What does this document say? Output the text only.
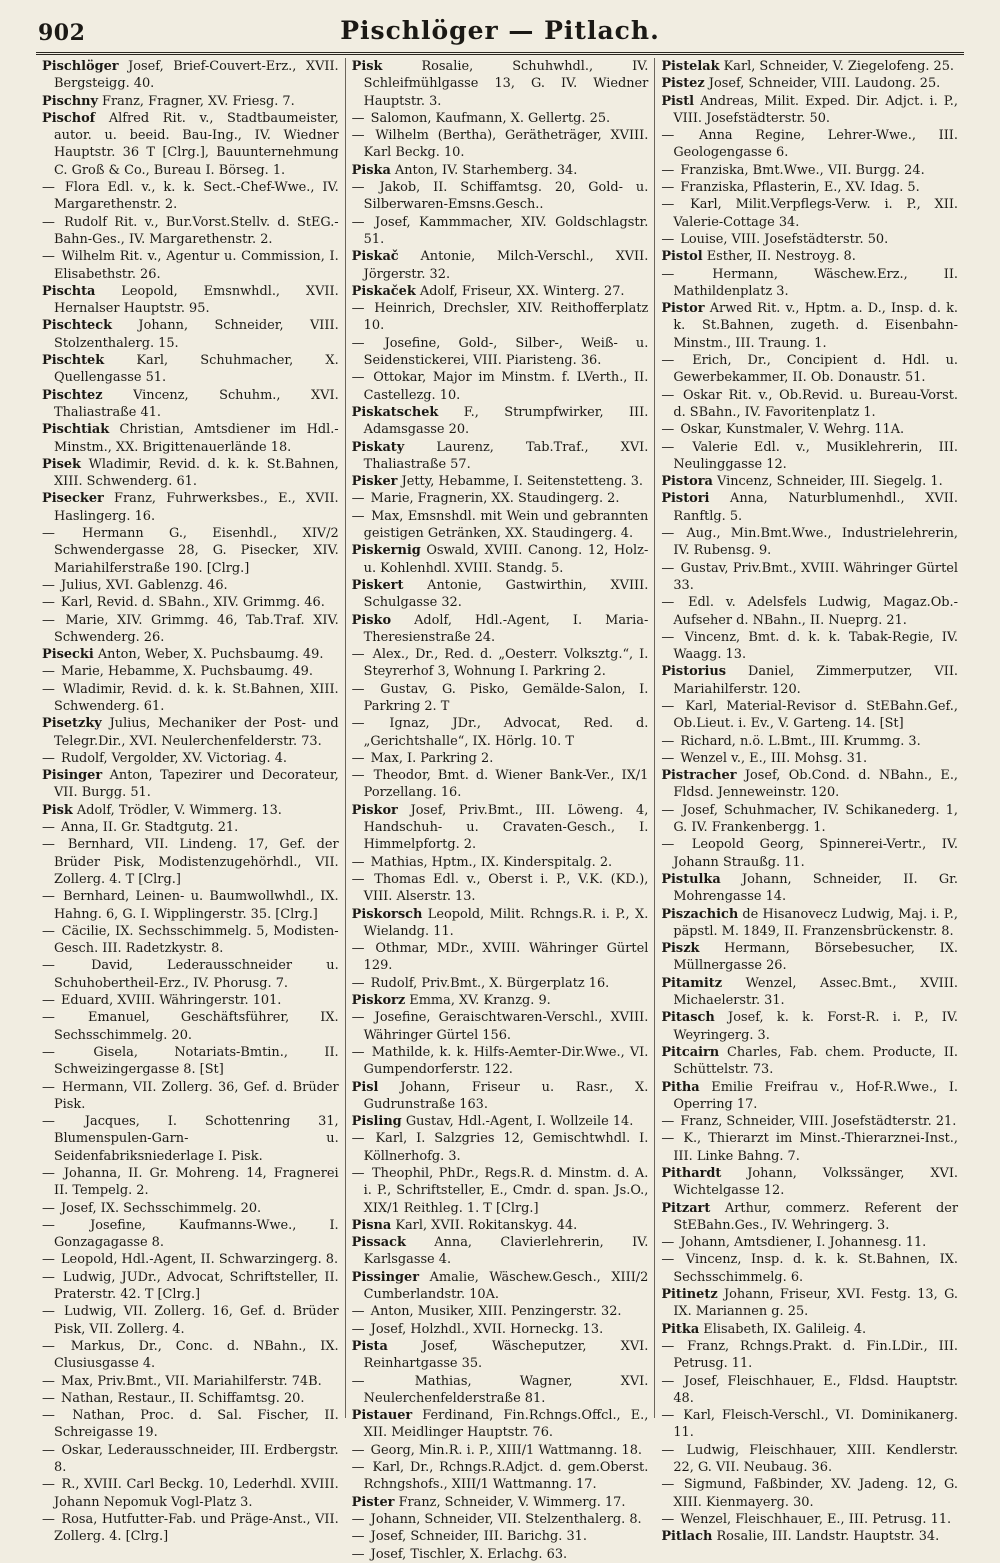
902	Pischlöger — Pitlach.

Pischlöger Josef, Brief-Couvert-Erz., XVII. Bergsteigg. 40.

Pischny Franz, Fragner, XV. Friesg. 7.

Pischof Alfred Rit. v., Stadtbaumeister, autor. u. beeid. Bau-Ing., IV. Wiedner Hauptstr. 36 T [Clrg.], Bauunternehmung C. Groß & Co., Bureau I. Börseg. 1.

— Flora Edl. v., k. k. Sect.-Chef-Wwe., IV. Margarethenstr. 2.

— Rudolf Rit. v., Bur.Vorst.Stellv. d. StEG.-Bahn-Ges., IV. Margarethenstr. 2.

— Wilhelm Rit. v., Agentur u. Commission, I. Elisabethstr. 26.

Pischta Leopold, Emsnwhdl., XVII. Hernalser Hauptstr. 95.

Pischteck Johann, Schneider, VIII. Stolzenthalerg. 15.

Pischtek Karl, Schuhmacher, X. Quellengasse 51.

Pischtez Vincenz, Schuhm., XVI. Thaliastraße 41.

Pischtiak Christian, Amtsdiener im Hdl.-Minstm., XX. Brigittenauerlände 18.

Pisek Wladimir, Revid. d. k. k. St.Bahnen, XIII. Schwenderg. 61.

Pisecker Franz, Fuhrwerksbes., E., XVII. Haslingerg. 16.

— Hermann G., Eisenhdl., XIV/2 Schwendergasse 28, G. Pisecker, XIV. Mariahilferstraße 190. [Clrg.]

— Julius, XVI. Gablenzg. 46.

— Karl, Revid. d. SBahn., XIV. Grimmg. 46.

— Marie, XIV. Grimmg. 46, Tab.Traf. XIV. Schwenderg. 26.

Pisecki Anton, Weber, X. Puchsbaumg. 49.

— Marie, Hebamme, X. Puchsbaumg. 49.

— Wladimir, Revid. d. k. k. St.Bahnen, XIII. Schwenderg. 61.

Pisetzky Julius, Mechaniker der Post- und Telegr.Dir., XVI. Neulerchenfelderstr. 73.

— Rudolf, Vergolder, XV. Victoriag. 4.

Pisinger Anton, Tapezirer und Decorateur, VII. Burgg. 51.

Pisk Adolf, Trödler, V. Wimmerg. 13.

— Anna, II. Gr. Stadtgutg. 21.

— Bernhard, VII. Lindeng. 17, Gef. der Brüder Pisk, Modistenzugehörhdl., VII. Zollerg. 4. T [Clrg.]

— Bernhard, Leinen- u. Baumwollwhdl., IX. Hahng. 6, G. I. Wipplingerstr. 35. [Clrg.]

— Cäcilie, IX. Sechsschimmelg. 5, Modisten-Gesch. III. Radetzkystr. 8.

—	David, Lederausschneider u. Schuhobertheil-Erz., IV. Phorusg. 7.

— Eduard, XVIII. Währingerstr. 101.

—	Emanuel, Geschäftsführer, IX. Sechsschimmelg. 20.

—	Gisela, Notariats-Bmtin., II. Schweizingergasse 8. [St]

— Hermann, VII. Zollerg. 36, Gef. d. Brüder Pisk.

— Jacques, I. Schottenring 31, Blumenspulen-Garn- u. Seidenfabriksniederlage I. Pisk.

— Johanna, II. Gr. Mohreng. 14, Fragnerei II. Tempelg. 2.

— Josef, IX. Sechsschimmelg. 20.

—	Josefine, Kaufmanns-Wwe., I. Gonzagagasse 8.

— Leopold, Hdl.-Agent, II. Schwarzingerg. 8.

— Ludwig, JUDr., Advocat, Schriftsteller, II. Praterstr. 42. T [Clrg.]

— Ludwig, VII. Zollerg. 16, Gef. d. Brüder Pisk, VII. Zollerg. 4.

— Markus, Dr., Conc. d. NBahn., IX. Clusiusgasse 4.

— Max, Priv.Bmt., VII. Mariahilferstr. 74B.

— Nathan, Restaur., II. Schiffamtsg. 20.

— Nathan, Proc. d. Sal. Fischer, II. Schreigasse 19.

— Oskar, Lederausschneider, III. Erdbergstr. 8.

— R., XVIII. Carl Beckg. 10, Lederhdl. XVIII. Johann Nepomuk Vogl-Platz 3.

— Rosa, Hutfutter-Fab. und Präge-Anst., VII. Zollerg. 4. [Clrg.]

Pisk	Rosalie, Schuhwhdl., IV. Schleifmühlgasse 13, G. IV. Wiedner Hauptstr. 3.

— Salomon, Kaufmann, X. Gellertg. 25.

— Wilhelm (Bertha), Gerätheträger, XVIII. Karl Beckg. 10.

Piska Anton, IV. Starhemberg. 34.

— Jakob, II. Schiffamtsg. 20, Gold- u. Silberwaren-Emsns.Gesch..

— Josef, Kammmacher, XIV. Goldschlagstr. 51.

Piskač Antonie, Milch-Verschl., XVII. Jörgerstr. 32.

Piskaček Adolf, Friseur, XX. Winterg. 27.

— Heinrich, Drechsler, XIV. Reithofferplatz 10.

— Josefine, Gold-, Silber-, Weiß- u. Seidenstickerei, VIII. Piaristeng. 36.

— Ottokar, Major im Minstm. f. LVerth., II. Castellezg. 10.

Piskatschek F., Strumpfwirker, III. Adamsgasse 20.

Piskaty Laurenz, Tab.Traf., XVI. Thaliastraße 57.

Pisker Jetty, Hebamme, I. Seitenstetteng. 3.

— Marie, Fragnerin, XX. Staudingerg. 2.

— Max, Emsnshdl. mit Wein und gebrannten geistigen Getränken, XX. Staudingerg. 4.

Piskernig Oswald, XVIII. Canong. 12, Holz- u. Kohlenhdl. XVIII. Standg. 5.

Piskert Antonie, Gastwirthin, XVIII. Schulgasse 32.

Pisko Adolf, Hdl.-Agent, I. Maria-Theresienstraße 24.

— Alex., Dr., Red. d. „Oesterr. Volksztg.“, I. Steyrerhof 3, Wohnung I. Parkring 2.

— Gustav, G. Pisko, Gemälde-Salon, I. Parkring 2. T

— Ignaz, JDr., Advocat, Red. d. „Gerichtshalle“, IX. Hörlg. 10. T

— Max, I. Parkring 2.

— Theodor, Bmt. d. Wiener Bank-Ver., IX/1 Porzellang. 16.

Piskor Josef, Priv.Bmt., III. Löweng. 4, Handschuh- u. Cravaten-Gesch., I. Himmelpfortg. 2.

— Mathias, Hptm., IX. Kinderspitalg. 2.

— Thomas Edl. v., Oberst i. P., V.K. (KD.), VIII. Alserstr. 13.

Piskorsch Leopold, Milit. Rchngs.R. i. P., X. Wielandg. 11.

— Othmar, MDr., XVIII. Währinger Gürtel 129.

— Rudolf, Priv.Bmt., X. Bürgerplatz 16.

Piskorz Emma, XV. Kranzg. 9.

— Josefine, Geraischtwaren-Verschl., XVIII. Währinger Gürtel 156.

— Mathilde, k. k. Hilfs-Aemter-Dir.Wwe., VI. Gumpendorferstr. 122.

Pisl Johann, Friseur u. Rasr., X. Gudrunstraße 163.

Pisling Gustav, Hdl.-Agent, I. Wollzeile 14.

— Karl, I. Salzgries 12, Gemischtwhdl. I. Köllnerhofg. 3.

— Theophil, PhDr., Regs.R. d. Minstm. d. A. i. P., Schriftsteller, E., Cmdr. d. span. Js.O., XIX/1 Reithleg. 1. T [Clrg.]

Pisna Karl, XVII. Rokitanskyg. 44.

Pissack Anna, Clavierlehrerin, IV. Karlsgasse 4.

Pissinger Amalie, Wäschew.Gesch., XIII/2 Cumberlandstr. 10A.

— Anton, Musiker, XIII. Penzingerstr. 32.

— Josef, Holzhdl., XVII. Horneckg. 13.

Pista	Josef, Wäscheputzer, XVI. Reinhartgasse 35.

—	Mathias, Wagner, XVI. Neulerchenfelderstraße 81.

Pistauer Ferdinand, Fin.Rchngs.Offcl., E., XII. Meidlinger Hauptstr. 76.

— Georg, Min.R. i. P., XIII/1 Wattmanng. 18.

— Karl, Dr., Rchngs.R.Adjct. d. gem.Oberst. Rchngshofs., XIII/1 Wattmanng. 17.

Pister Franz, Schneider, V. Wimmerg. 17.

— Johann, Schneider, VII. Stelzenthalerg. 8.

— Josef, Schneider, III. Barichg. 31.

— Josef, Tischler, X. Erlachg. 63.

Pistelak Karl, Schneider, V. Ziegelofeng. 25.

Pistez Josef, Schneider, VIII. Laudong. 25.

Pistl Andreas, Milit. Exped. Dir. Adjct. i. P., VIII. Josefstädterstr. 50.

— Anna Regine, Lehrer-Wwe., III. Geologengasse 6.

— Franziska, Bmt.Wwe., VII. Burgg. 24.

— Franziska, Pflasterin, E., XV. Idag. 5.

— Karl, Milit.Verpflegs-Verw. i. P., XII. Valerie-Cottage 34.

— Louise, VIII. Josefstädterstr. 50.

Pistol Esther, II. Nestroyg. 8.

—	Hermann, Wäschew.Erz., II. Mathildenplatz 3.

Pistor Arwed Rit. v., Hptm. a. D., Insp. d. k. k. St.Bahnen, zugeth. d. Eisenbahn-Minstm., III. Traung. 1.

— Erich, Dr., Concipient d. Hdl. u. Gewerbekammer, II. Ob. Donaustr. 51.

— Oskar Rit. v., Ob.Revid. u. Bureau-Vorst. d. SBahn., IV. Favoritenplatz 1.

— Oskar, Kunstmaler, V. Wehrg. 11A.

— Valerie Edl. v., Musiklehrerin, III. Neulinggasse 12.

Pistora Vincenz, Schneider, III. Siegelg. 1.

Pistori Anna, Naturblumenhdl., XVII. Ranftlg. 5.

— Aug., Min.Bmt.Wwe., Industrielehrerin, IV. Rubensg. 9.

— Gustav, Priv.Bmt., XVIII. Währinger Gürtel 33.

— Edl. v. Adelsfels Ludwig, Magaz.Ob.-Aufseher d. NBahn., II. Nueprg. 21.

— Vincenz, Bmt. d. k. k. Tabak-Regie, IV. Waagg. 13.

Pistorius Daniel, Zimmerputzer, VII. Mariahilferstr. 120.

— Karl, Material-Revisor d. StEBahn.Gef., Ob.Lieut. i. Ev., V. Garteng. 14. [St]

— Richard, n.ö. L.Bmt., III. Krummg. 3.

— Wenzel v., E., III. Mohsg. 31.

Pistracher Josef, Ob.Cond. d. NBahn., E., Fldsd. Jenneweinstr. 120.

— Josef, Schuhmacher, IV. Schikanederg. 1, G. IV. Frankenbergg. 1.

— Leopold Georg, Spinnerei-Vertr., IV. Johann Straußg. 11.

Pistulka Johann, Schneider, II. Gr. Mohrengasse 14.

Piszachich de Hisanovecz Ludwig, Maj. i. P., päpstl. M. 1849, II. Franzensbrückenstr. 8.

Piszk Hermann, Börsebesucher, IX. Müllnergasse 26.

Pitamitz Wenzel, Assec.Bmt., XVIII. Michaelerstr. 31.

Pitasch Josef, k. k. Forst-R. i. P., IV. Weyringerg. 3.

Pitcairn Charles, Fab. chem. Producte, II. Schüttelstr. 73.

Pitha Emilie Freifrau v., Hof-R.Wwe., I. Operring 17.

— Franz, Schneider, VIII. Josefstädterstr. 21.

— K., Thierarzt im Minst.-Thierarznei-Inst., III. Linke Bahng. 7.

Pithardt Johann, Volkssänger, XVI. Wichtelgasse 12.

Pitzart Arthur, commerz. Referent der StEBahn.Ges., IV. Wehringerg. 3.

— Johann, Amtsdiener, I. Johannesg. 11.

— Vincenz, Insp. d. k. k. St.Bahnen, IX. Sechsschimmelg. 6.

Pitinetz Johann, Friseur, XVI. Festg. 13, G. IX. Mariannen g. 25.

Pitka Elisabeth, IX. Galileig. 4.

— Franz, Rchngs.Prakt. d. Fin.LDir., III. Petrusg. 11.

— Josef, Fleischhauer, E., Fldsd. Hauptstr. 48.

— Karl, Fleisch-Verschl., VI. Dominikanerg. 11.

— Ludwig, Fleischhauer, XIII. Kendlerstr. 22, G. VII. Neubaug. 36.

— Sigmund, Faßbinder, XV. Jadeng. 12, G. XIII. Kienmayerg. 30.

— Wenzel, Fleischhauer, E., III. Petrusg. 11.

Pitlach Rosalie, III. Landstr. Hauptstr. 34.
